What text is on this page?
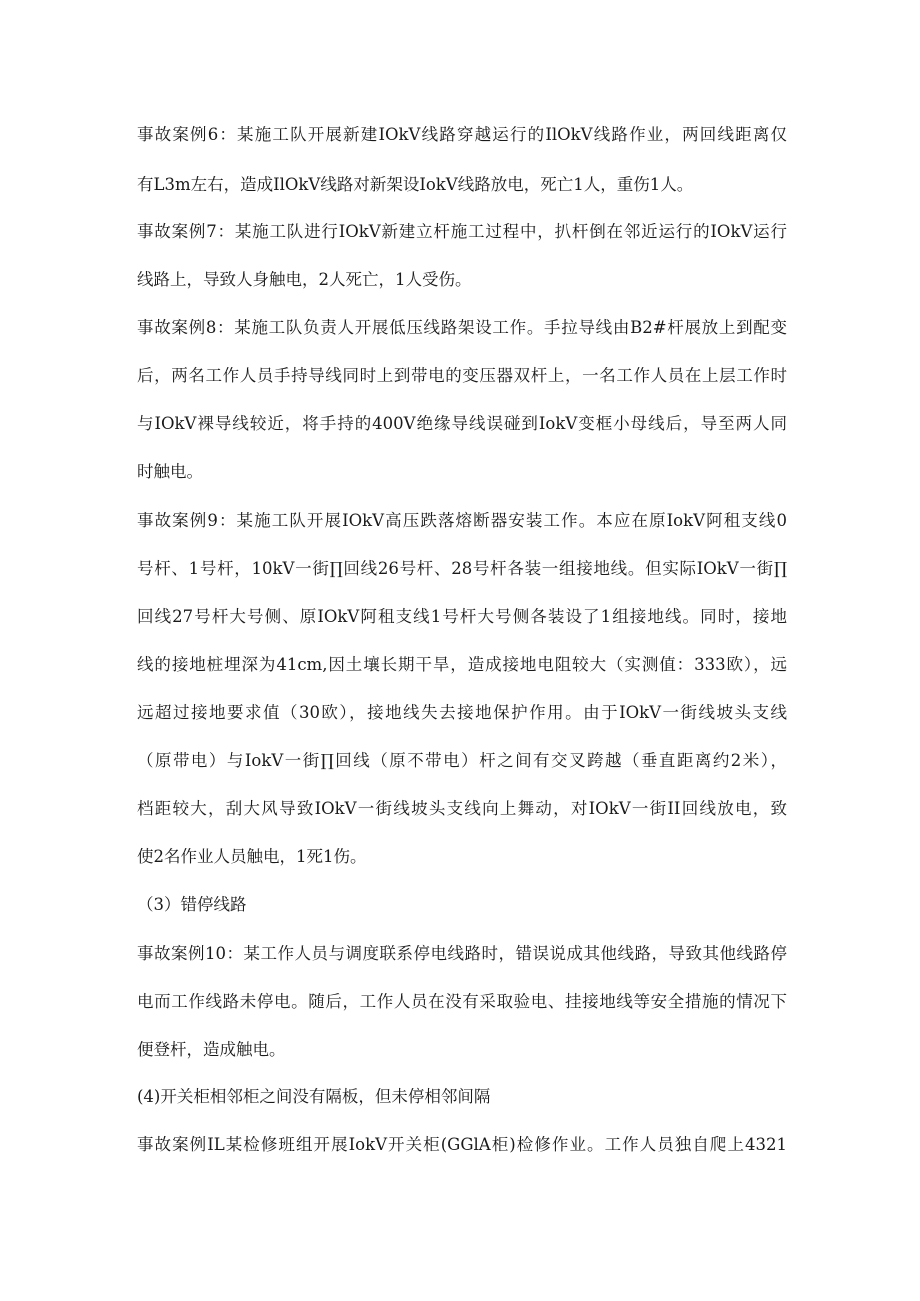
事故案例6：某施工队开展新建IOkV线路穿越运行的IlOkV线路作业，两回线距离仅
有L3m左右，造成IlOkV线路对新架设IokV线路放电，死亡1人，重伤1人。
事故案例7：某施工队进行IOkV新建立杆施工过程中，扒杆倒在邻近运行的IOkV运行
线路上，导致人身触电，2人死亡，1人受伤。
事故案例8：某施工队负责人开展低压线路架设工作。手拉导线由B2#杆展放上到配变
后，两名工作人员手持导线同时上到带电的变压器双杆上，一名工作人员在上层工作时
与IOkV裸导线较近，将手持的400V绝缘导线误碰到IokV变框小母线后，导至两人同
时触电。
事故案例9：某施工队开展IOkV高压跌落熔断器安装工作。本应在原IokV阿租支线0
号杆、1号杆，10kV一街∏回线26号杆、28号杆各装一组接地线。但实际IOkV一街∏
回线27号杆大号侧、原IOkV阿租支线1号杆大号侧各装设了1组接地线。同时，接地
线的接地桩埋深为41cm,因土壤长期干旱，造成接地电阻较大（实测值：333欧），远
远超过接地要求值（30欧），接地线失去接地保护作用。由于IOkV一街线坡头支线
（原带电）与IokV一街∏回线（原不带电）杆之间有交叉跨越（垂直距离约2米），
档距较大，刮大风导致IOkV一街线坡头支线向上舞动，对IOkV一街II回线放电，致
使2名作业人员触电，1死1伤。
（3）错停线路
事故案例10：某工作人员与调度联系停电线路时，错误说成其他线路，导致其他线路停
电而工作线路未停电。随后，工作人员在没有采取验电、挂接地线等安全措施的情况下
便登杆，造成触电。
(4)开关柜相邻柜之间没有隔板，但未停相邻间隔
事故案例IL某检修班组开展IokV开关柜(GGlA柜)检修作业。工作人员独自爬上4321
